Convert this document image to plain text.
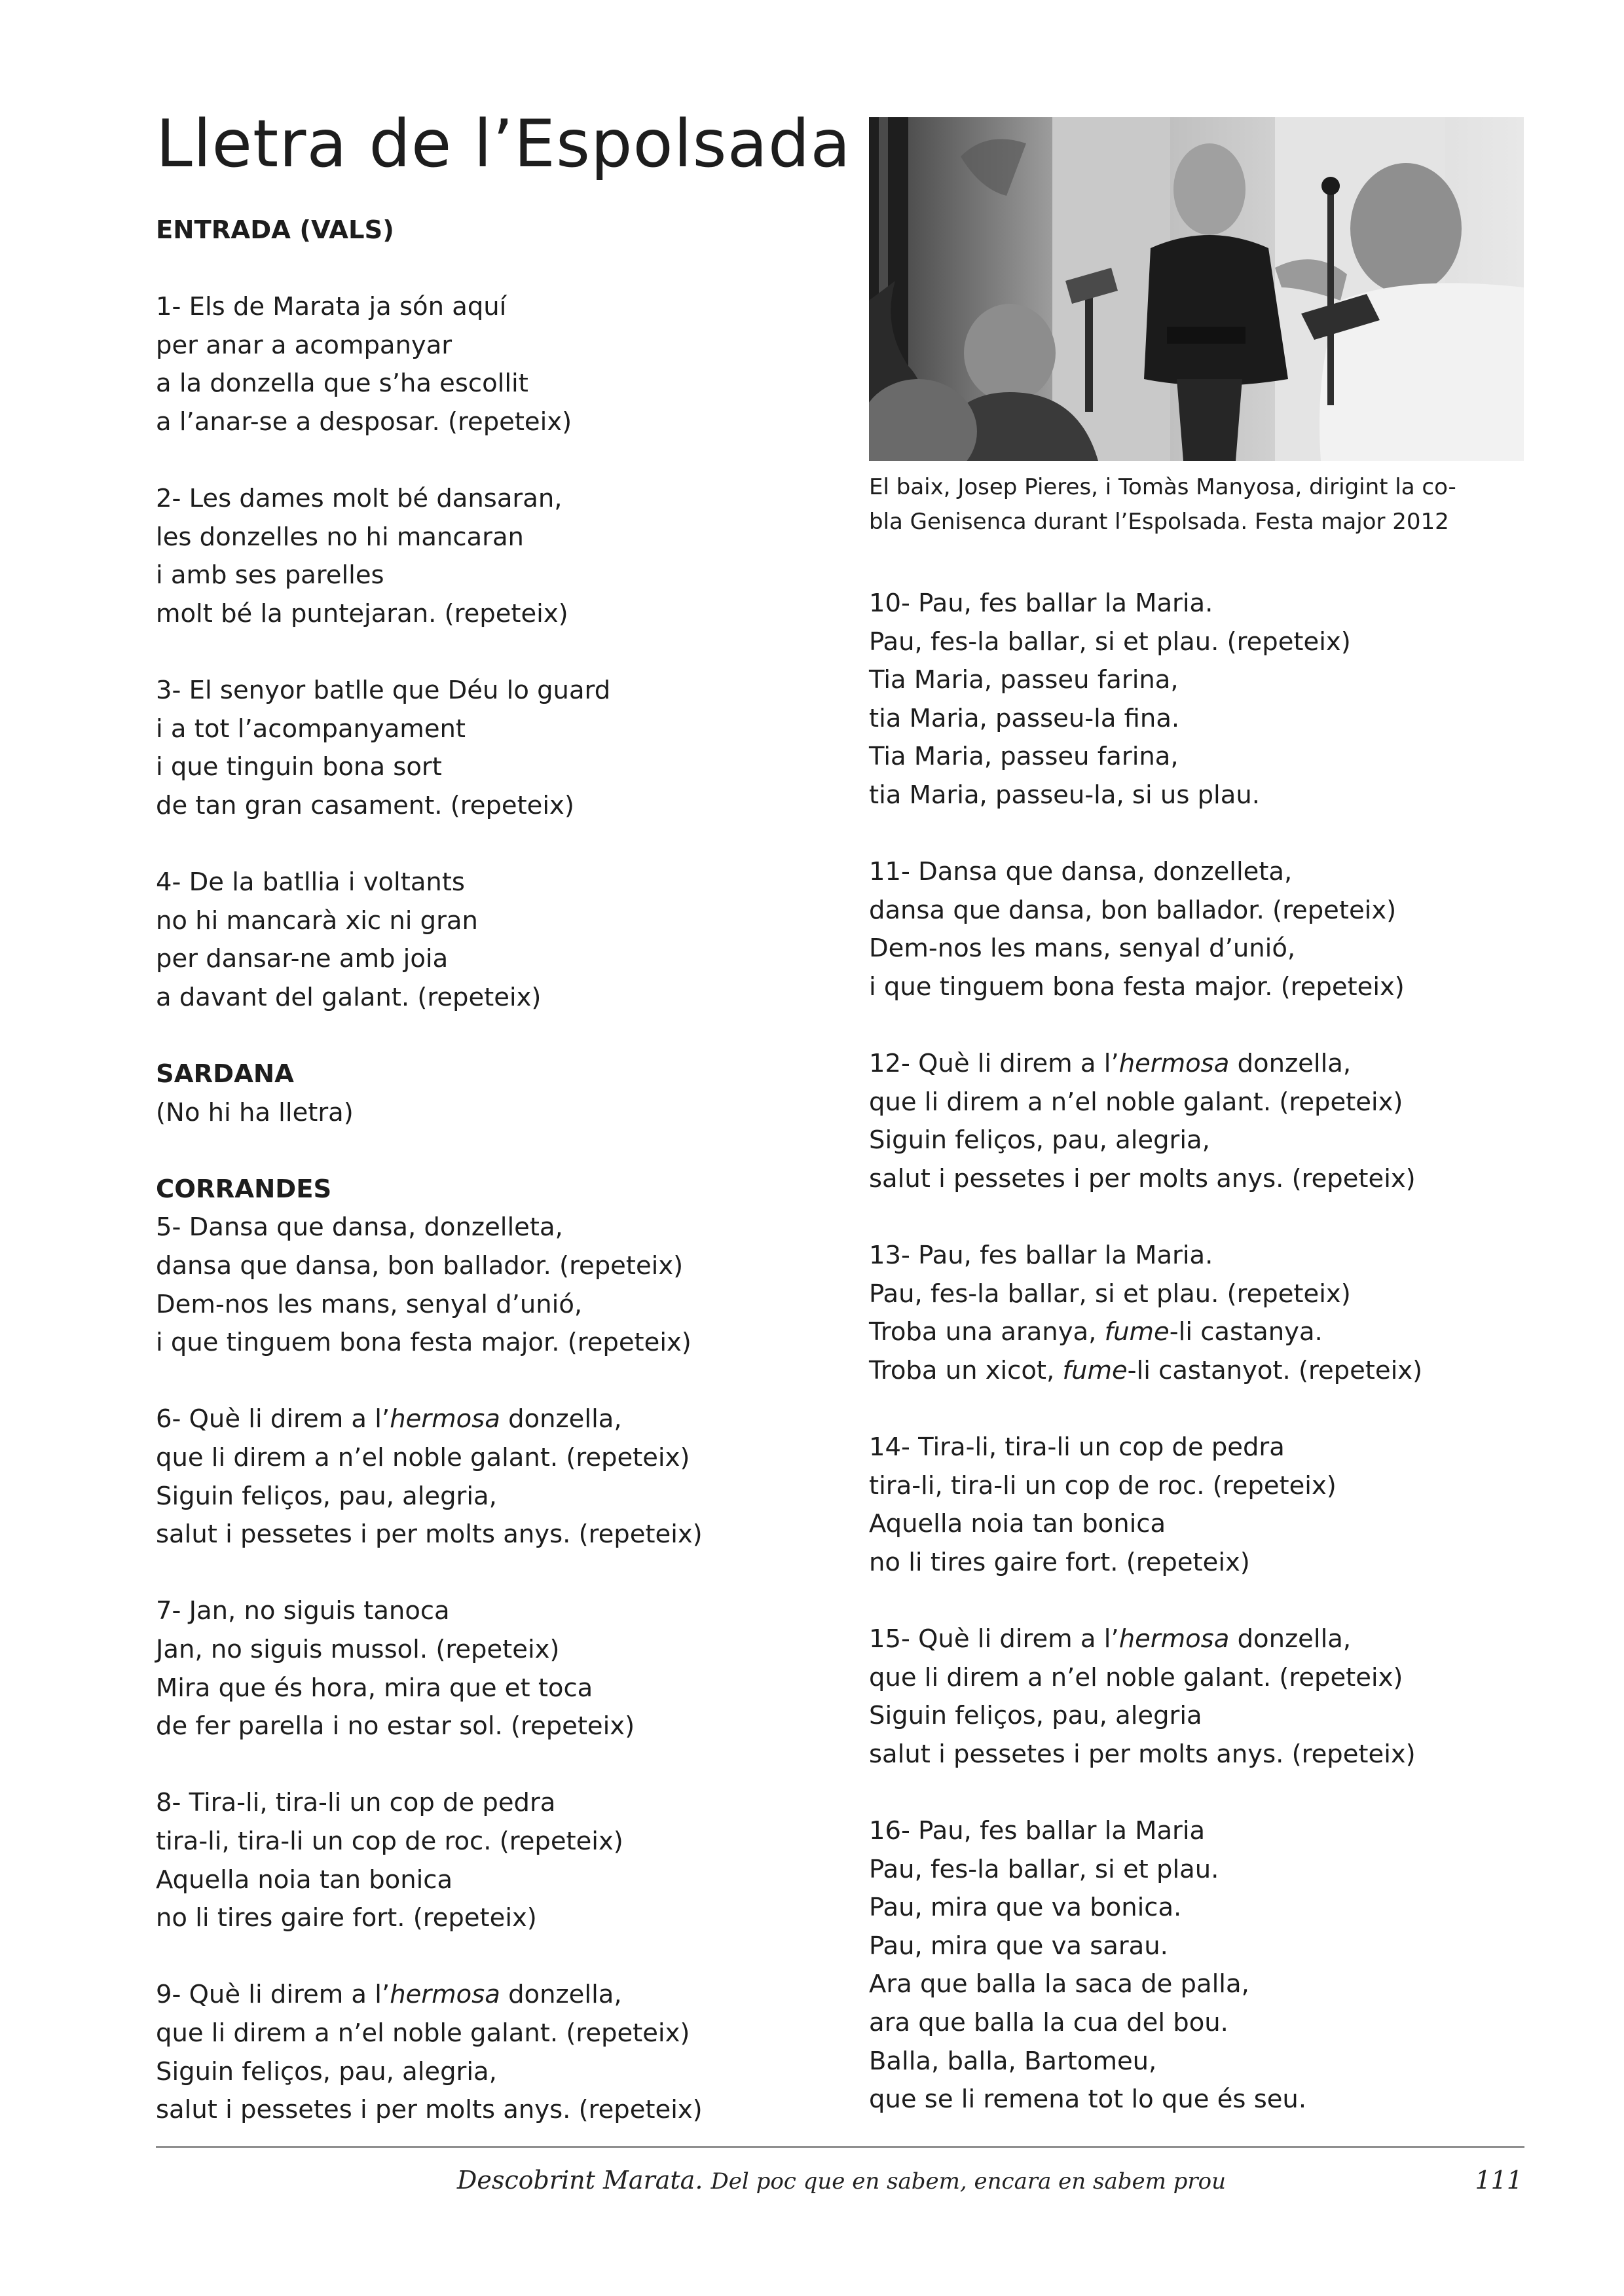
Lletra de l’Espolsada
El baix, Josep Pieres, i Tomàs Manyosa, dirigint la co-
bla Genisenca durant l’Espolsada. Festa major 2012
ENTRADA (VALS)
1- Els de Marata ja són aquí
per anar a acompanyar
a la donzella que s’ha escollit
a l’anar-se a desposar. (repeteix)
2- Les dames molt bé dansaran,
les donzelles no hi mancaran
i amb ses parelles
molt bé la puntejaran. (repeteix)
3- El senyor batlle que Déu lo guard
i a tot l’acompanyament
i que tinguin bona sort
de tan gran casament. (repeteix)
4- De la batllia i voltants
no hi mancarà xic ni gran
per dansar-ne amb joia
a davant del galant. (repeteix)
SARDANA
(No hi ha lletra)
CORRANDES
5- Dansa que dansa, donzelleta,
dansa que dansa, bon ballador. (repeteix)
Dem-nos les mans, senyal d’unió,
i que tinguem bona festa major. (repeteix)
6- Què li direm a l’hermosa donzella,
que li direm a n’el noble galant. (repeteix)
Siguin feliços, pau, alegria,
salut i pessetes i per molts anys. (repeteix)
7- Jan, no siguis tanoca
Jan, no siguis mussol. (repeteix)
Mira que és hora, mira que et toca
de fer parella i no estar sol. (repeteix)
8- Tira-li, tira-li un cop de pedra
tira-li, tira-li un cop de roc. (repeteix)
Aquella noia tan bonica
no li tires gaire fort. (repeteix)
9- Què li direm a l’hermosa donzella,
que li direm a n’el noble galant. (repeteix)
Siguin feliços, pau, alegria,
salut i pessetes i per molts anys. (repeteix)
10- Pau, fes ballar la Maria.
Pau, fes-la ballar, si et plau. (repeteix)
Tia Maria, passeu farina,
tia Maria, passeu-la fina.
Tia Maria, passeu farina,
tia Maria, passeu-la, si us plau.
11- Dansa que dansa, donzelleta,
dansa que dansa, bon ballador. (repeteix)
Dem-nos les mans, senyal d’unió,
i que tinguem bona festa major. (repeteix)
12- Què li direm a l’hermosa donzella,
que li direm a n’el noble galant. (repeteix)
Siguin feliços, pau, alegria,
salut i pessetes i per molts anys. (repeteix)
13- Pau, fes ballar la Maria.
Pau, fes-la ballar, si et plau. (repeteix)
Troba una aranya, fume-li castanya.
Troba un xicot, fume-li castanyot. (repeteix)
14- Tira-li, tira-li un cop de pedra
tira-li, tira-li un cop de roc. (repeteix)
Aquella noia tan bonica
no li tires gaire fort. (repeteix)
15- Què li direm a l’hermosa donzella,
que li direm a n’el noble galant. (repeteix)
Siguin feliços, pau, alegria
salut i pessetes i per molts anys. (repeteix)
16- Pau, fes ballar la Maria
Pau, fes-la ballar, si et plau.
Pau, mira que va bonica.
Pau, mira que va sarau.
Ara que balla la saca de palla,
ara que balla la cua del bou.
Balla, balla, Bartomeu,
que se li remena tot lo que és seu.
Descobrint Marata. Del poc que en sabem, encara en sabem prou	111
